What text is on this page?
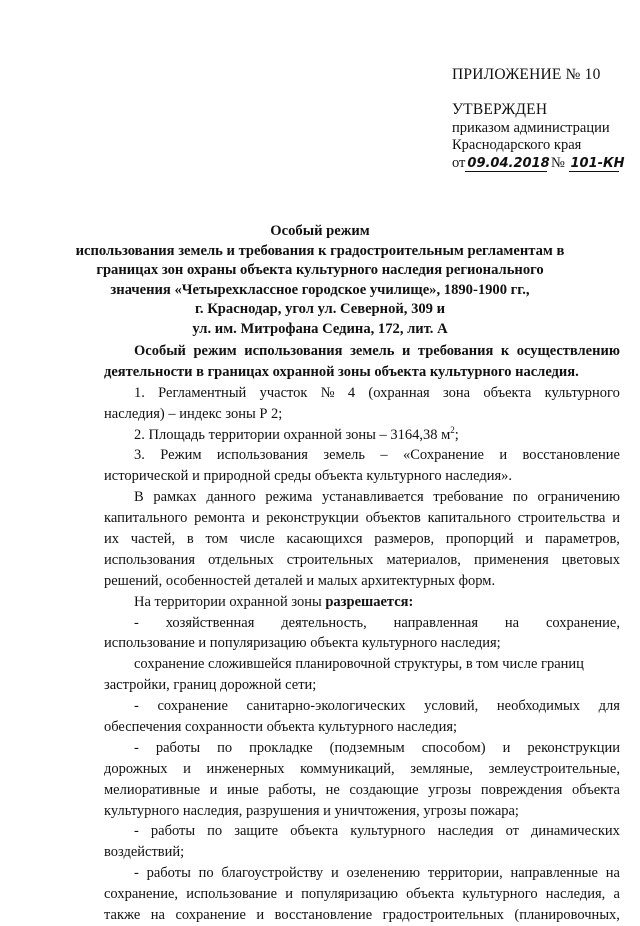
ПРИЛОЖЕНИЕ № 10
УТВЕРЖДЕН
приказом администрации
Краснодарского края
от 09.04.2018 № 101-КН
Особый режим
использования земель и требования к градостроительным регламентам в
границах зон охраны объекта культурного наследия регионального
значения «Четырехклассное городское училище», 1890-1900 гг.,
г. Краснодар, угол ул. Северной, 309 и
ул. им. Митрофана Седина, 172, лит. А
Особый режим использования земель и требования к осуществлению
деятельности в границах охранной зоны объекта культурного наследия.
1. Регламентный участок № 4 (охранная зона объекта культурного
наследия) – индекс зоны Р 2;
2. Площадь территории охранной зоны – 3164,38 $м^2$;
3. Режим использования земель – «Сохранение и восстановление
исторической и природной среды объекта культурного наследия».
В рамках данного режима устанавливается требование по ограничению
капитального ремонта и реконструкции объектов капитального строительства и
их частей, в том числе касающихся размеров, пропорций и параметров,
использования отдельных строительных материалов, применения цветовых
решений, особенностей деталей и малых архитектурных форм.
На территории охранной зоны разрешается:
- хозяйственная деятельность, направленная на сохранение,
использование и популяризацию объекта культурного наследия;
сохранение сложившейся планировочной структуры, в том числе границ
застройки, границ дорожной сети;
- сохранение санитарно-экологических условий, необходимых для
обеспечения сохранности объекта культурного наследия;
- работы по прокладке (подземным способом) и реконструкции
дорожных и инженерных коммуникаций, земляные, землеустроительные,
мелиоративные и иные работы, не создающие угрозы повреждения объекта
культурного наследия, разрушения и уничтожения, угрозы пожара;
- работы по защите объекта культурного наследия от динамических
воздействий;
- работы по благоустройству и озеленению территории, направленные на
сохранение, использование и популяризацию объекта культурного наследия, а
также на сохранение и восстановление градостроительных (планировочных,
